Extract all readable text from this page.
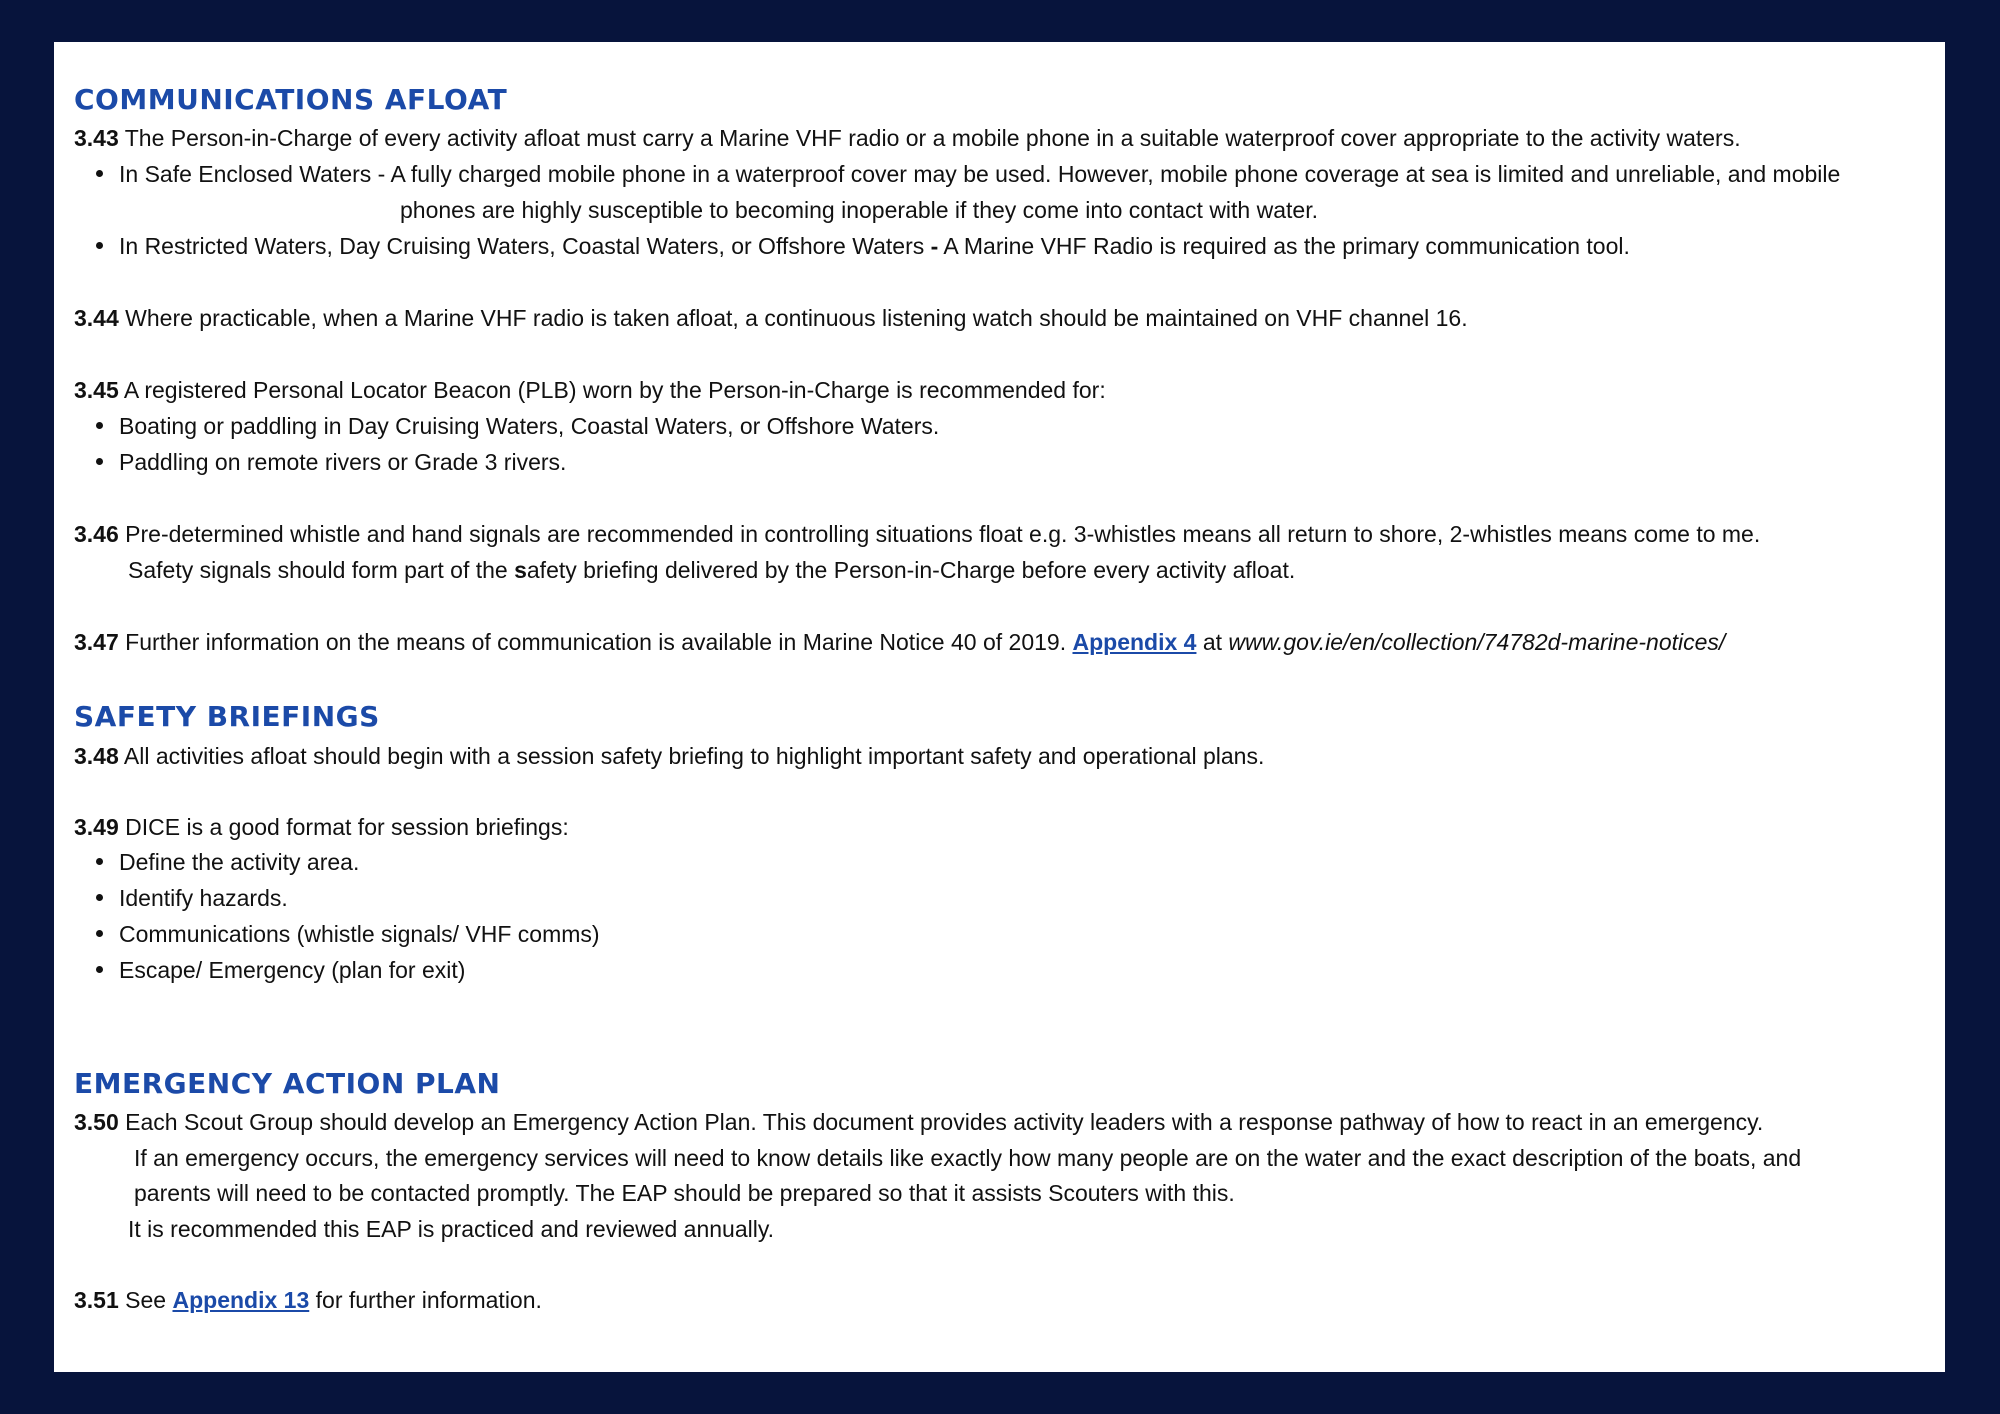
COMMUNICATIONS AFLOAT

3.43 The Person-in-Charge of every activity afloat must carry a Marine VHF radio or a mobile phone in a suitable waterproof cover appropriate to the activity waters.

In Safe Enclosed Waters - A fully charged mobile phone in a waterproof cover may be used. However, mobile phone coverage at sea is limited and unreliable, and mobile
phones are highly susceptible to becoming inoperable if they come into contact with water.
In Restricted Waters, Day Cruising Waters, Coastal Waters, or Offshore Waters - A Marine VHF Radio is required as the primary communication tool.

3.44 Where practicable, when a Marine VHF radio is taken afloat, a continuous listening watch should be maintained on VHF channel 16.

3.45 A registered Personal Locator Beacon (PLB) worn by the Person-in-Charge is recommended for:

Boating or paddling in Day Cruising Waters, Coastal Waters, or Offshore Waters.
Paddling on remote rivers or Grade 3 rivers.

3.46 Pre-determined whistle and hand signals are recommended in controlling situations float e.g. 3-whistles means all return to shore, 2-whistles means come to me.

Safety signals should form part of the safety briefing delivered by the Person-in-Charge before every activity afloat.

3.47 Further information on the means of communication is available in Marine Notice 40 of 2019. Appendix 4 at www.gov.ie/en/collection/74782d-marine-notices/

SAFETY BRIEFINGS

3.48 All activities afloat should begin with a session safety briefing to highlight important safety and operational plans.

3.49 DICE is a good format for session briefings:

Define the activity area.
Identify hazards.
Communications (whistle signals/ VHF comms)
Escape/ Emergency (plan for exit)
EMERGENCY ACTION PLAN

3.50 Each Scout Group should develop an Emergency Action Plan. This document provides activity leaders with a response pathway of how to react in an emergency.

If an emergency occurs, the emergency services will need to know details like exactly how many people are on the water and the exact description of the boats, and

parents will need to be contacted promptly. The EAP should be prepared so that it assists Scouters with this.

It is recommended this EAP is practiced and reviewed annually.

3.51 See Appendix 13 for further information.
